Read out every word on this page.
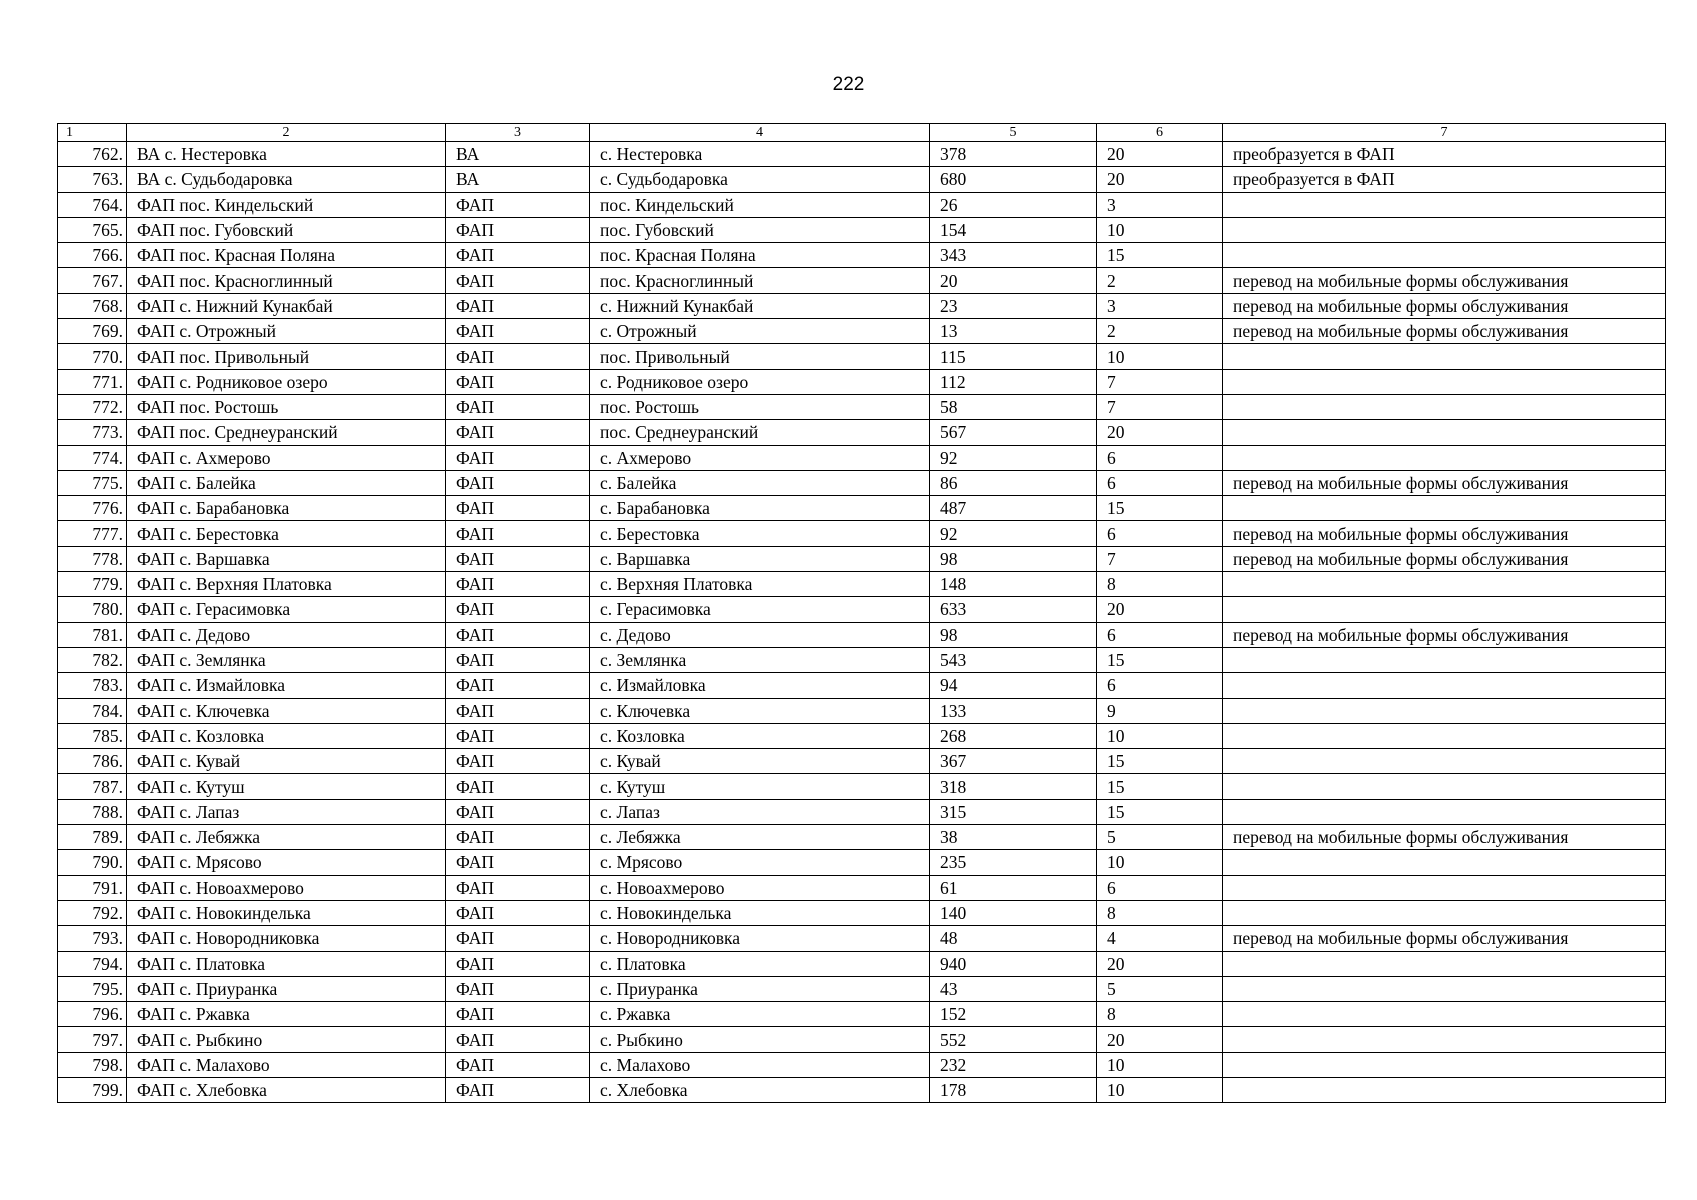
222
1	2	3	4	5	6	7
762.	ВА с. Нестеровка	ВА	с. Нестеровка	378	20	преобразуется в ФАП
763.	ВА с. Судьбодаровка	ВА	с. Судьбодаровка	680	20	преобразуется в ФАП
764.	ФАП пос. Киндельский	ФАП	пос. Киндельский	26	3	
765.	ФАП пос. Губовский	ФАП	пос. Губовский	154	10	
766.	ФАП пос. Красная Поляна	ФАП	пос. Красная Поляна	343	15	
767.	ФАП пос. Красноглинный	ФАП	пос. Красноглинный	20	2	перевод на мобильные формы обслуживания
768.	ФАП с. Нижний Кунакбай	ФАП	с. Нижний Кунакбай	23	3	перевод на мобильные формы обслуживания
769.	ФАП с. Отрожный	ФАП	с. Отрожный	13	2	перевод на мобильные формы обслуживания
770.	ФАП пос. Привольный	ФАП	пос. Привольный	115	10	
771.	ФАП с. Родниковое озеро	ФАП	с. Родниковое озеро	112	7	
772.	ФАП пос. Ростошь	ФАП	пос. Ростошь	58	7	
773.	ФАП пос. Среднеуранский	ФАП	пос. Среднеуранский	567	20	
774.	ФАП с. Ахмерово	ФАП	с. Ахмерово	92	6	
775.	ФАП с. Балейка	ФАП	с. Балейка	86	6	перевод на мобильные формы обслуживания
776.	ФАП с. Барабановка	ФАП	с. Барабановка	487	15	
777.	ФАП с. Берестовка	ФАП	с. Берестовка	92	6	перевод на мобильные формы обслуживания
778.	ФАП с. Варшавка	ФАП	с. Варшавка	98	7	перевод на мобильные формы обслуживания
779.	ФАП с. Верхняя Платовка	ФАП	с. Верхняя Платовка	148	8	
780.	ФАП с. Герасимовка	ФАП	с. Герасимовка	633	20	
781.	ФАП с. Дедово	ФАП	с. Дедово	98	6	перевод на мобильные формы обслуживания
782.	ФАП с. Землянка	ФАП	с. Землянка	543	15	
783.	ФАП с. Измайловка	ФАП	с. Измайловка	94	6	
784.	ФАП с. Ключевка	ФАП	с. Ключевка	133	9	
785.	ФАП с. Козловка	ФАП	с. Козловка	268	10	
786.	ФАП с. Кувай	ФАП	с. Кувай	367	15	
787.	ФАП с. Кутуш	ФАП	с. Кутуш	318	15	
788.	ФАП с. Лапаз	ФАП	с. Лапаз	315	15	
789.	ФАП с. Лебяжка	ФАП	с. Лебяжка	38	5	перевод на мобильные формы обслуживания
790.	ФАП с. Мрясово	ФАП	с. Мрясово	235	10	
791.	ФАП с. Новоахмерово	ФАП	с. Новоахмерово	61	6	
792.	ФАП с. Новокинделька	ФАП	с. Новокинделька	140	8	
793.	ФАП с. Новородниковка	ФАП	с. Новородниковка	48	4	перевод на мобильные формы обслуживания
794.	ФАП с. Платовка	ФАП	с. Платовка	940	20	
795.	ФАП с. Приуранка	ФАП	с. Приуранка	43	5	
796.	ФАП с. Ржавка	ФАП	с. Ржавка	152	8	
797.	ФАП с. Рыбкино	ФАП	с. Рыбкино	552	20	
798.	ФАП с. Малахово	ФАП	с. Малахово	232	10	
799.	ФАП с. Хлебовка	ФАП	с. Хлебовка	178	10	
